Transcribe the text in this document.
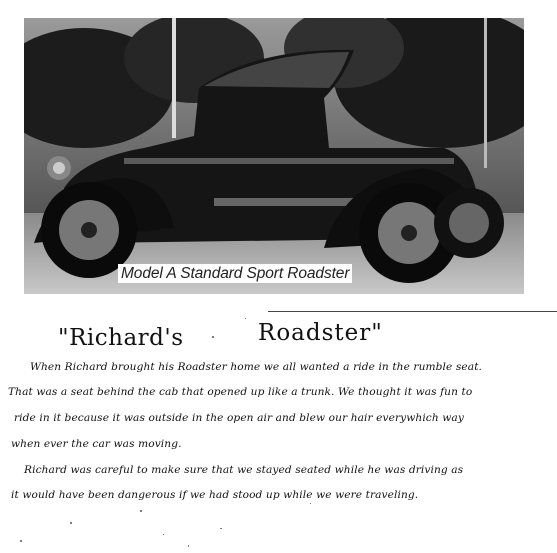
Model A Standard Sport Roadster
"Richard's	Roadster"
When Richard brought his Roadster home we all wanted a ride in the rumble seat.
That was a seat behind the cab that opened up like a trunk. We thought it was fun to
ride in it because it was outside in the open air and blew our hair everywhich way
when ever the car was moving.
Richard was careful to make sure that we stayed seated while he was driving as
it would have been dangerous if we had stood up while we were traveling.
